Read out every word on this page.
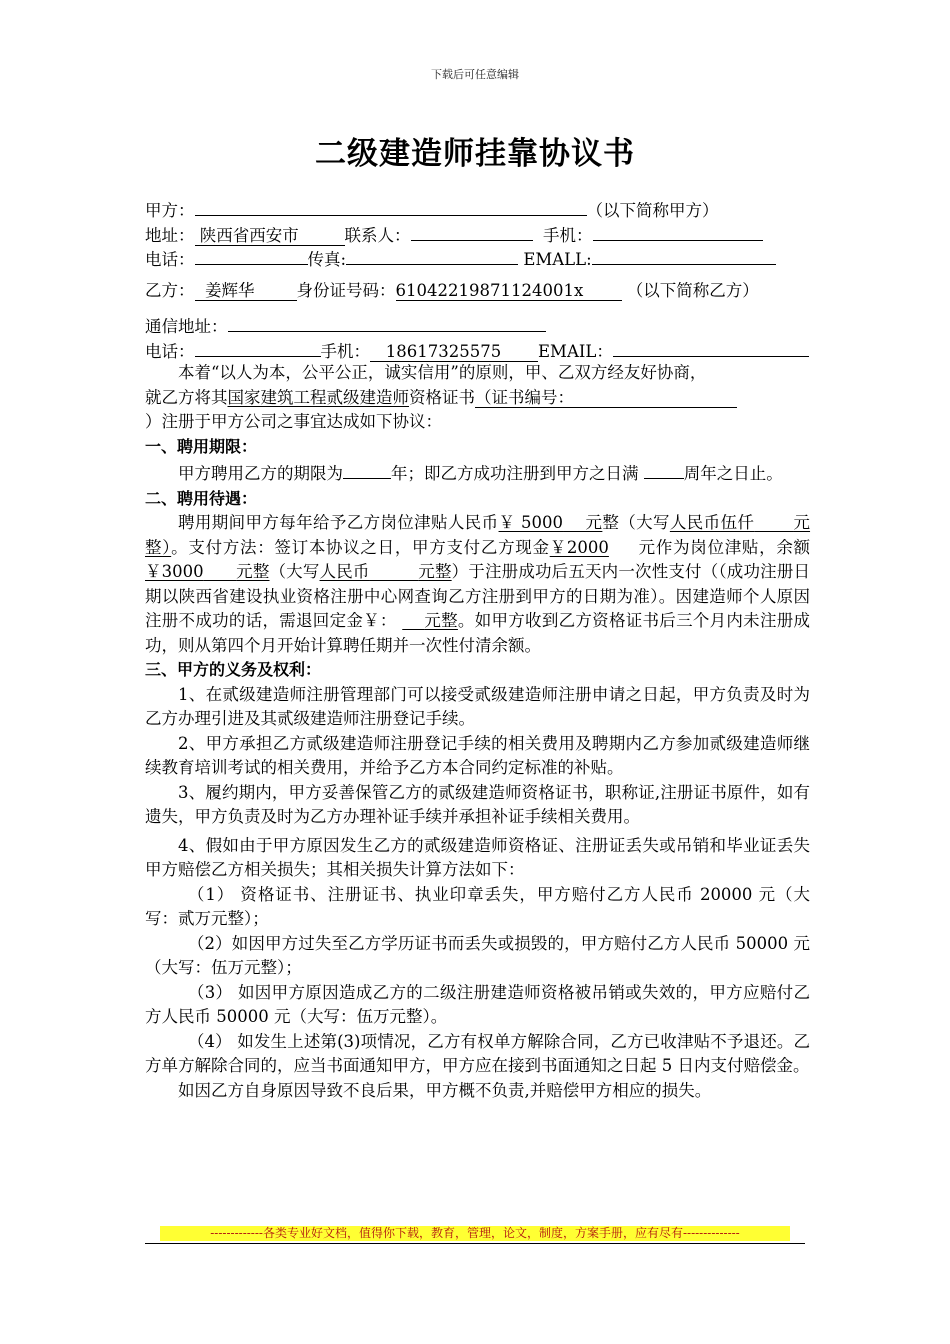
下载后可任意编辑
二级建造师挂靠协议书
甲方：	（以下简称甲方）
地址： 陕西省西安市	联系人：	手机：
电话：	传真:	EMALL:
乙方： 姜辉华	身份证号码：61042219871124001x	（以下简称乙方）
通信地址：
电话：	手机： 18617325575 EMAIL：
本着“以人为本，公平公正，诚实信用”的原则，甲、乙双方经友好协商，
就乙方将其国家建筑工程贰级建造师资格证书（证书编号：
）注册于甲方公司之事宜达成如下协议：

一、聘用期限：

甲方聘用乙方的期限为	年；即乙方成功注册到甲方之日满	周年之日止。

二、聘用待遇：

聘用期间甲方每年给予乙方岗位津贴人民币￥ 5000 元整（大写人民币伍仟 元整）。支付方法：签订本协议之日，甲方支付乙方现金￥2000 元作为岗位津贴，余额￥3000 元整（大写人民币	元整）于注册成功后五天内一次性支付（（成功注册日期以陕西省建设执业资格注册中心网查询乙方注册到甲方的日期为准）。因建造师个人原因注册不成功的话，需退回定金￥： 元整。如甲方收到乙方资格证书后三个月内未注册成功，则从第四个月开始计算聘任期并一次性付清余额。

三、甲方的义务及权利：

1、在贰级建造师注册管理部门可以接受贰级建造师注册申请之日起，甲方负责及时为乙方办理引进及其贰级建造师注册登记手续。

2、甲方承担乙方贰级建造师注册登记手续的相关费用及聘期内乙方参加贰级建造师继续教育培训考试的相关费用，并给予乙方本合同约定标准的补贴。

3、履约期内，甲方妥善保管乙方的贰级建造师资格证书，职称证,注册证书原件，如有遗失，甲方负责及时为乙方办理补证手续并承担补证手续相关费用。

4、假如由于甲方原因发生乙方的贰级建造师资格证、注册证丢失或吊销和毕业证丢失甲方赔偿乙方相关损失；其相关损失计算方法如下：

（1） 资格证书、注册证书、执业印章丢失，甲方赔付乙方人民币 20000 元（大写：贰万元整）；

（2）如因甲方过失至乙方学历证书而丢失或损毁的，甲方赔付乙方人民币 50000 元（大写：伍万元整）；

（3） 如因甲方原因造成乙方的二级注册建造师资格被吊销或失效的，甲方应赔付乙方人民币 50000 元（大写：伍万元整）。

（4） 如发生上述第(3)项情况，乙方有权单方解除合同，乙方已收津贴不予退还。乙方单方解除合同的，应当书面通知甲方，甲方应在接到书面通知之日起 5 日内支付赔偿金。

如因乙方自身原因导致不良后果，甲方概不负责,并赔偿甲方相应的损失。

-------------各类专业好文档，值得你下载，教育，管理，论文，制度，方案手册，应有尽有--------------
